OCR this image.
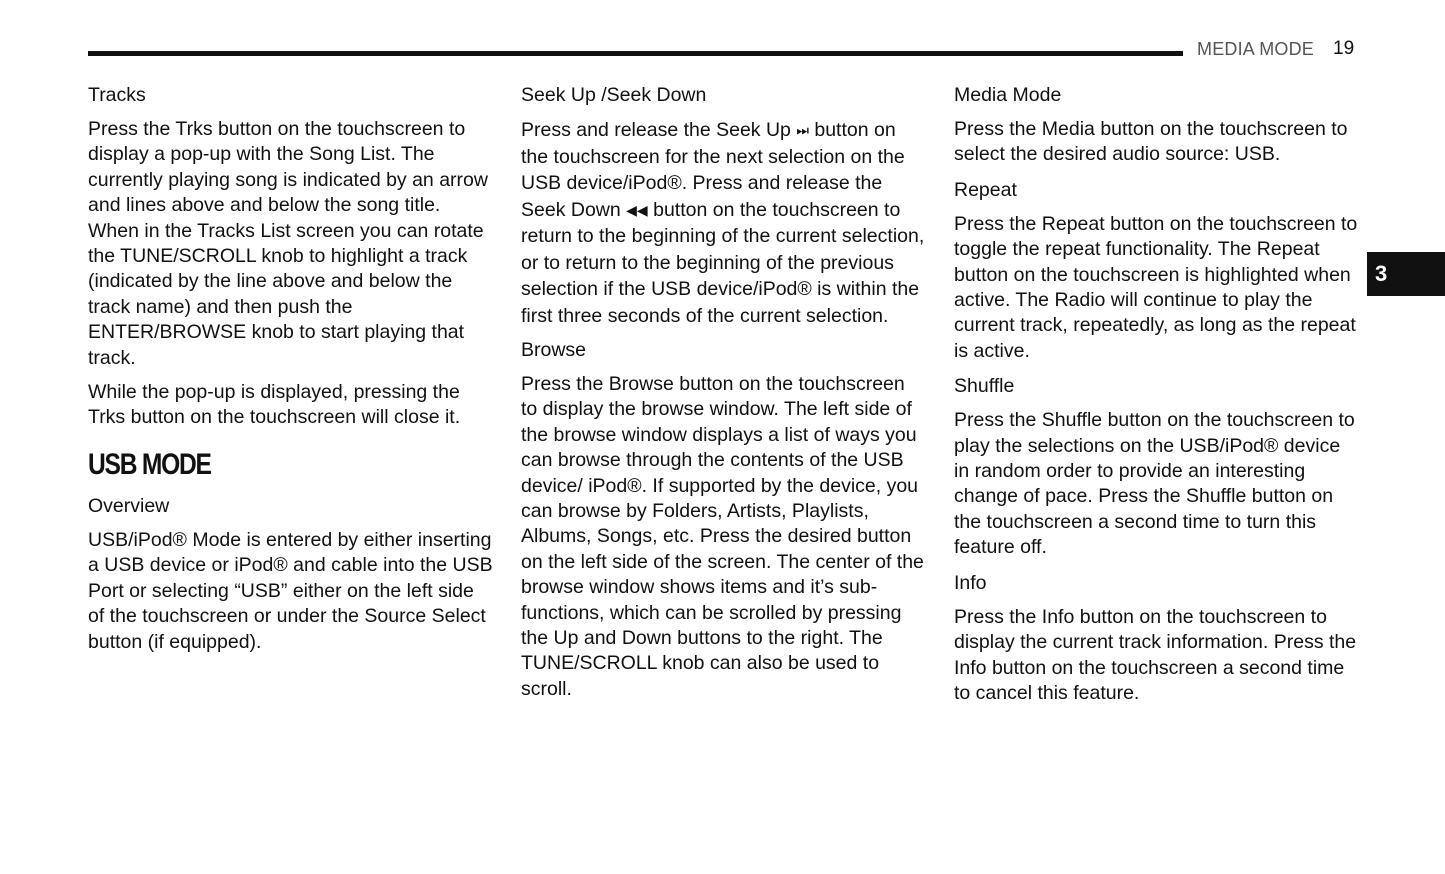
MEDIA MODE 19
3
Tracks

Press the Trks button on the touchscreen to display a pop-up with the Song List. The currently playing song is indicated by an arrow and lines above and below the song title. When in the Tracks List screen you can rotate the TUNE/SCROLL knob to highlight a track (indicated by the line above and below the track name) and then push the ENTER/BROWSE knob to start playing that track.

While the pop-up is displayed, pressing the Trks button on the touchscreen will close it.

USB MODE
Overview

USB/iPod® Mode is entered by either inserting a USB device or iPod® and cable into the USB Port or selecting “USB” either on the left side of the touchscreen or under the Source Select button (if equipped).

Seek Up /Seek Down

Press and release the Seek Up ⏭ button on the touchscreen for the next selection on the USB device/iPod®. Press and release the Seek Down ◀◀ button on the touchscreen to return to the beginning of the current selection, or to return to the beginning of the previous selection if the USB device/iPod® is within the first three seconds of the current selection.

Browse

Press the Browse button on the touchscreen to display the browse window. The left side of the browse window displays a list of ways you can browse through the contents of the USB device/ iPod®. If supported by the device, you can browse by Folders, Artists, Playlists, Albums, Songs, etc. Press the desired button on the left side of the screen. The center of the browse window shows items and it’s sub-functions, which can be scrolled by pressing the Up and Down buttons to the right. The TUNE/SCROLL knob can also be used to scroll.

Media Mode

Press the Media button on the touchscreen to select the desired audio source: USB.

Repeat

Press the Repeat button on the touchscreen to toggle the repeat functionality. The Repeat button on the touchscreen is highlighted when active. The Radio will continue to play the current track, repeatedly, as long as the repeat is active.

Shuffle

Press the Shuffle button on the touchscreen to play the selections on the USB/iPod® device in random order to provide an interesting change of pace. Press the Shuffle button on the touchscreen a second time to turn this feature off.

Info

Press the Info button on the touchscreen to display the current track information. Press the Info button on the touchscreen a second time to cancel this feature.
